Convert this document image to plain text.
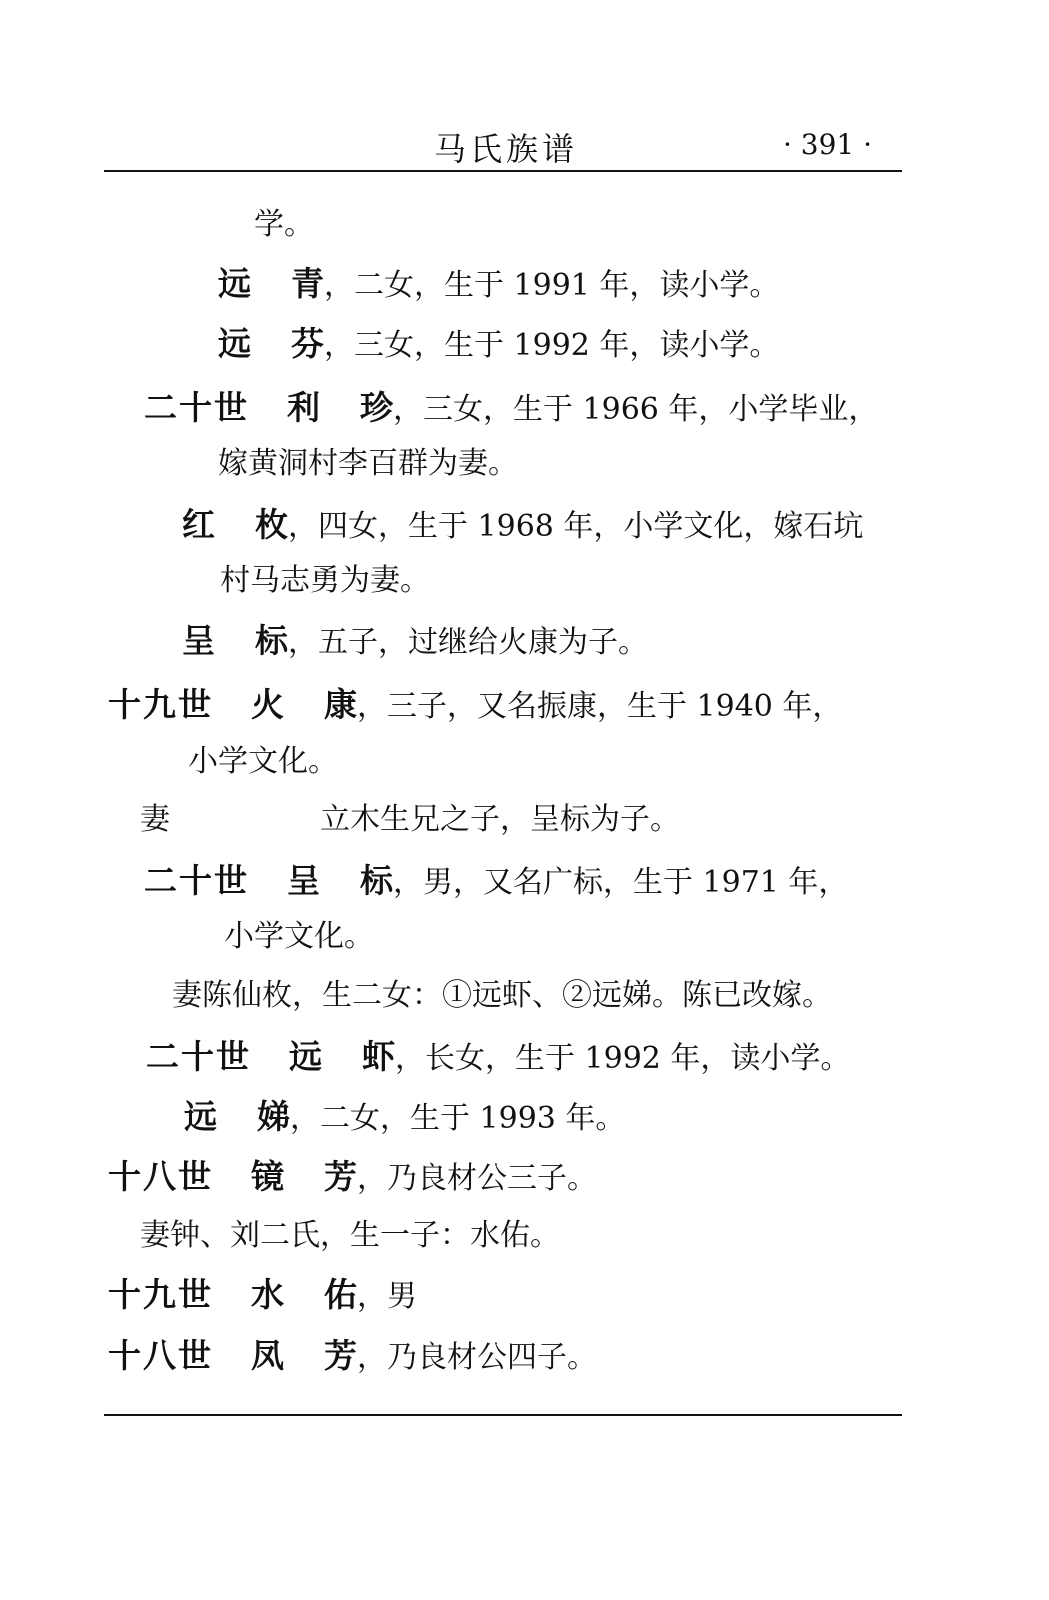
马氏族谱	· 391 ·
学。
远 青，二女，生于 1991 年，读小学。
远 芬，三女，生于 1992 年，读小学。
二十世 利 珍，三女，生于 1966 年，小学毕业，
嫁黄洞村李百群为妻。
红 枚，四女，生于 1968 年，小学文化，嫁石坑
村马志勇为妻。
呈 标，五子，过继给火康为子。
十九世 火 康，三子，又名振康，生于 1940 年，
小学文化。
妻	立木生兄之子，呈标为子。
二十世 呈 标，男，又名广标，生于 1971 年，
小学文化。
妻陈仙枚，生二女：①远虾、②远娣。陈已改嫁。
二十世 远 虾，长女，生于 1992 年，读小学。
远 娣，二女，生于 1993 年。
十八世 镜 芳，乃良材公三子。
妻钟、刘二氏，生一子：水佑。
十九世 水 佑，男
十八世 凤 芳，乃良材公四子。
